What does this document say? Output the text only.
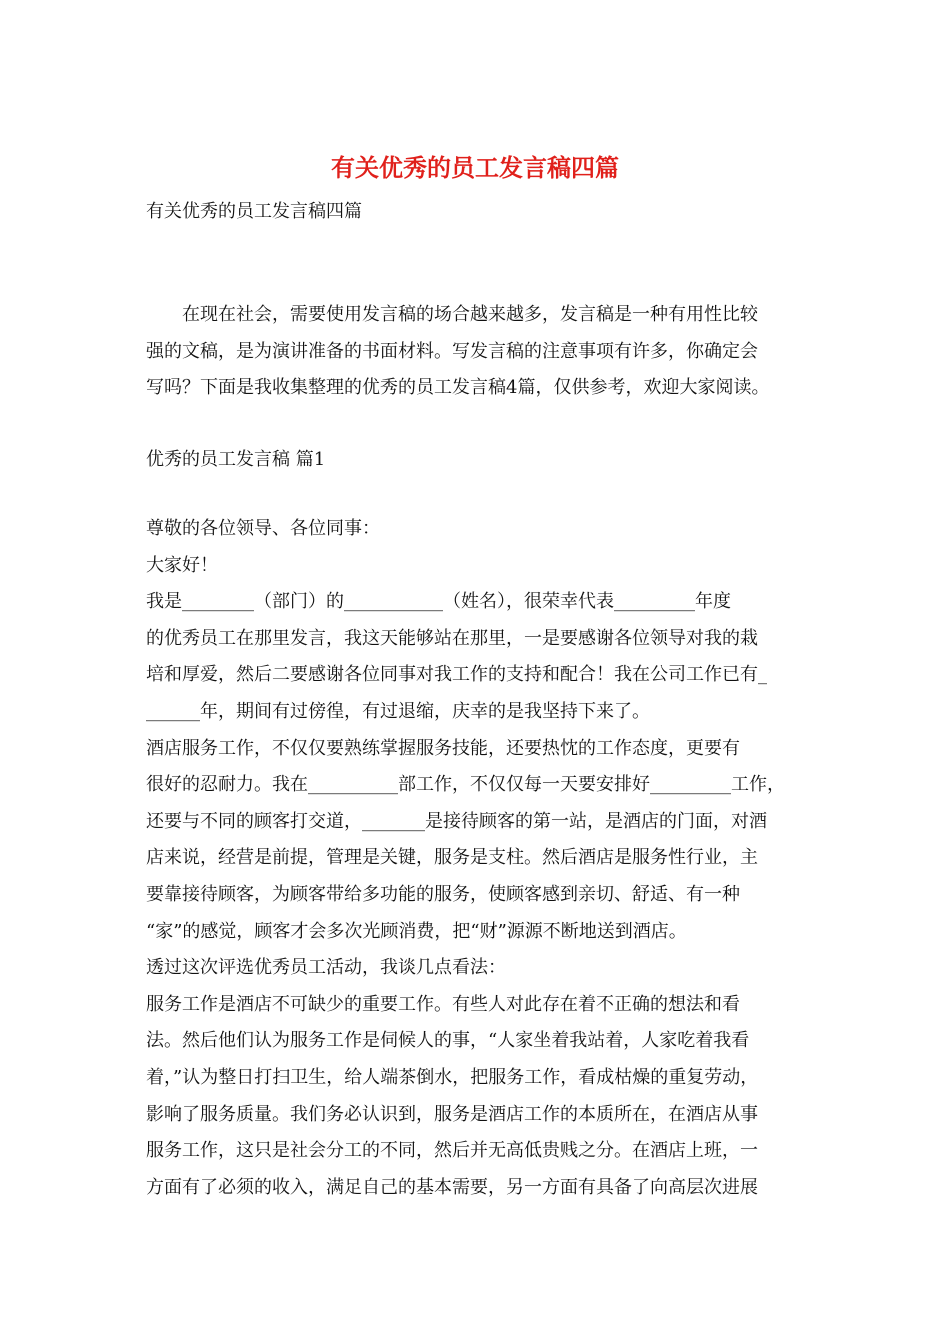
有关优秀的员工发言稿四篇
有关优秀的员工发言稿四篇
在现在社会，需要使用发言稿的场合越来越多，发言稿是一种有用性比较
强的文稿，是为演讲准备的书面材料。写发言稿的注意事项有许多，你确定会
写吗？下面是我收集整理的优秀的员工发言稿4篇，仅供参考，欢迎大家阅读。
优秀的员工发言稿 篇1
尊敬的各位领导、各位同事：
大家好！
我是________（部门）的___________（姓名），很荣幸代表_________年度
的优秀员工在那里发言，我这天能够站在那里，一是要感谢各位领导对我的栽
培和厚爱，然后二要感谢各位同事对我工作的支持和配合！我在公司工作已有_
______年，期间有过傍徨，有过退缩，庆幸的是我坚持下来了。
酒店服务工作，不仅仅要熟练掌握服务技能，还要热忱的工作态度，更要有
很好的忍耐力。我在__________部工作，不仅仅每一天要安排好_________工作，
还要与不同的顾客打交道，_______是接待顾客的第一站，是酒店的门面，对酒
店来说，经营是前提，管理是关键，服务是支柱。然后酒店是服务性行业，主
要靠接待顾客，为顾客带给多功能的服务，使顾客感到亲切、舒适、有一种
“家”的感觉，顾客才会多次光顾消费，把“财”源源不断地送到酒店。
透过这次评选优秀员工活动，我谈几点看法：
服务工作是酒店不可缺少的重要工作。有些人对此存在着不正确的想法和看
法。然后他们认为服务工作是伺候人的事，“人家坐着我站着，人家吃着我看
着，”认为整日打扫卫生，给人端茶倒水，把服务工作，看成枯燥的重复劳动，
影响了服务质量。我们务必认识到，服务是酒店工作的本质所在，在酒店从事
服务工作，这只是社会分工的不同，然后并无高低贵贱之分。在酒店上班，一
方面有了必须的收入，满足自己的基本需要，另一方面有具备了向高层次进展
